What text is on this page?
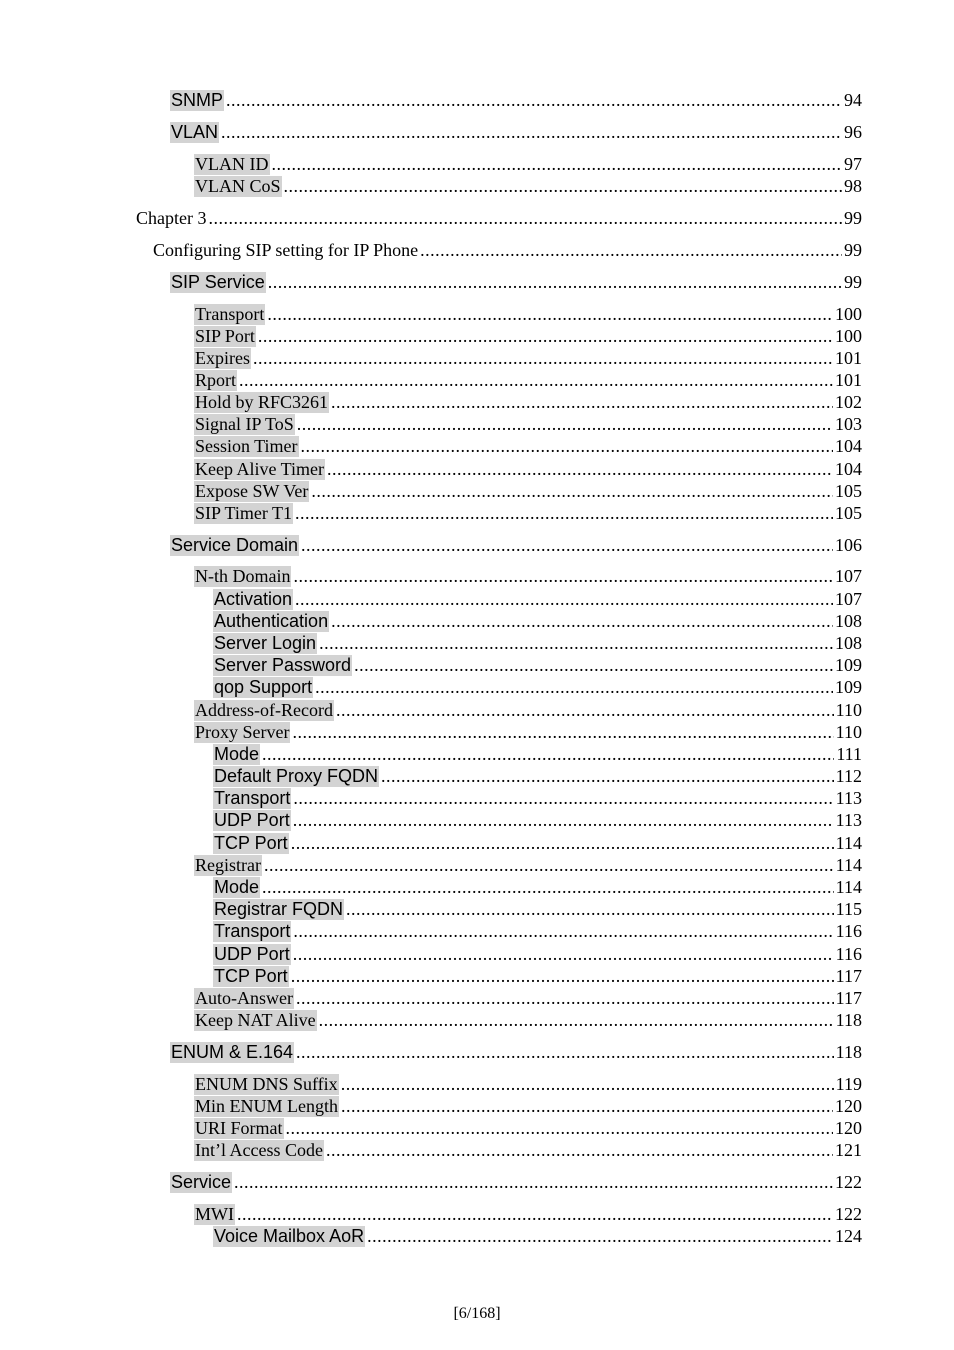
SNMP .....	94
VLAN .....	96
VLAN ID .....	97
VLAN CoS .....	98
Chapter 3 .....	99
Configuring SIP setting for IP Phone .....	99
SIP Service .....	99
Transport .....	100
SIP Port .....	100
Expires .....	101
Rport .....	101
Hold by RFC3261 .....	102
Signal IP ToS .....	103
Session Timer .....	104
Keep Alive Timer .....	104
Expose SW Ver .....	105
SIP Timer T1 .....	105
Service Domain .....	106
N-th Domain .....	107
Activation .....	107
Authentication .....	108
Server Login .....	108
Server Password .....	109
qop Support .....	109
Address-of-Record .....	110
Proxy Server .....	110
Mode .....	111
Default Proxy FQDN .....	112
Transport .....	113
UDP Port .....	113
TCP Port .....	114
Registrar .....	114
Mode .....	114
Registrar FQDN .....	115
Transport .....	116
UDP Port .....	116
TCP Port .....	117
Auto-Answer .....	117
Keep NAT Alive .....	118
ENUM & E.164 .....	118
ENUM DNS Suffix .....	119
Min ENUM Length .....	120
URI Format .....	120
Int’l Access Code .....	121
Service .....	122
MWI .....	122
Voice Mailbox AoR .....	124
[6/168]
